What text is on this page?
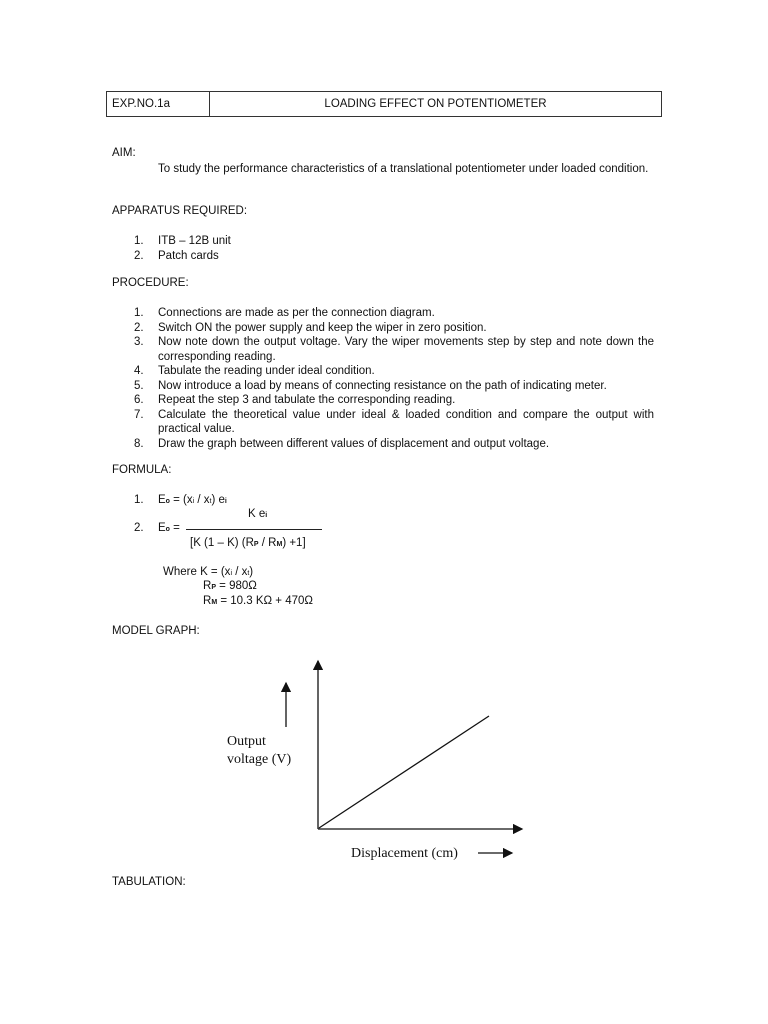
EXP.NO.1a	LOADING EFFECT ON POTENTIOMETER
AIM:
To study the performance characteristics of a translational potentiometer under loaded condition.
APPARATUS REQUIRED:
1. ITB – 12B unit
2. Patch cards
PROCEDURE:
1. Connections are made as per the connection diagram.
2. Switch ON the power supply and keep the wiper in zero position.
3. Now note down the output voltage. Vary the wiper movements step by step and note down the corresponding reading.
4. Tabulate the reading under ideal condition.
5. Now introduce a load by means of connecting resistance on the path of indicating meter.
6. Repeat the step 3 and tabulate the corresponding reading.
7. Calculate the theoretical value under ideal & loaded condition and compare the output with practical value.
8. Draw the graph between different values of displacement and output voltage.
FORMULA:
1. Eo = (xi / xt) ei
K ei
2. Eo =
[K (1 – K) (RP / RM) +1]
Where K = (xi / xt)
RP = 980Ω
RM = 10.3 KΩ + 470Ω
MODEL GRAPH:
Output
voltage (V)
Displacement (cm)
TABULATION:
